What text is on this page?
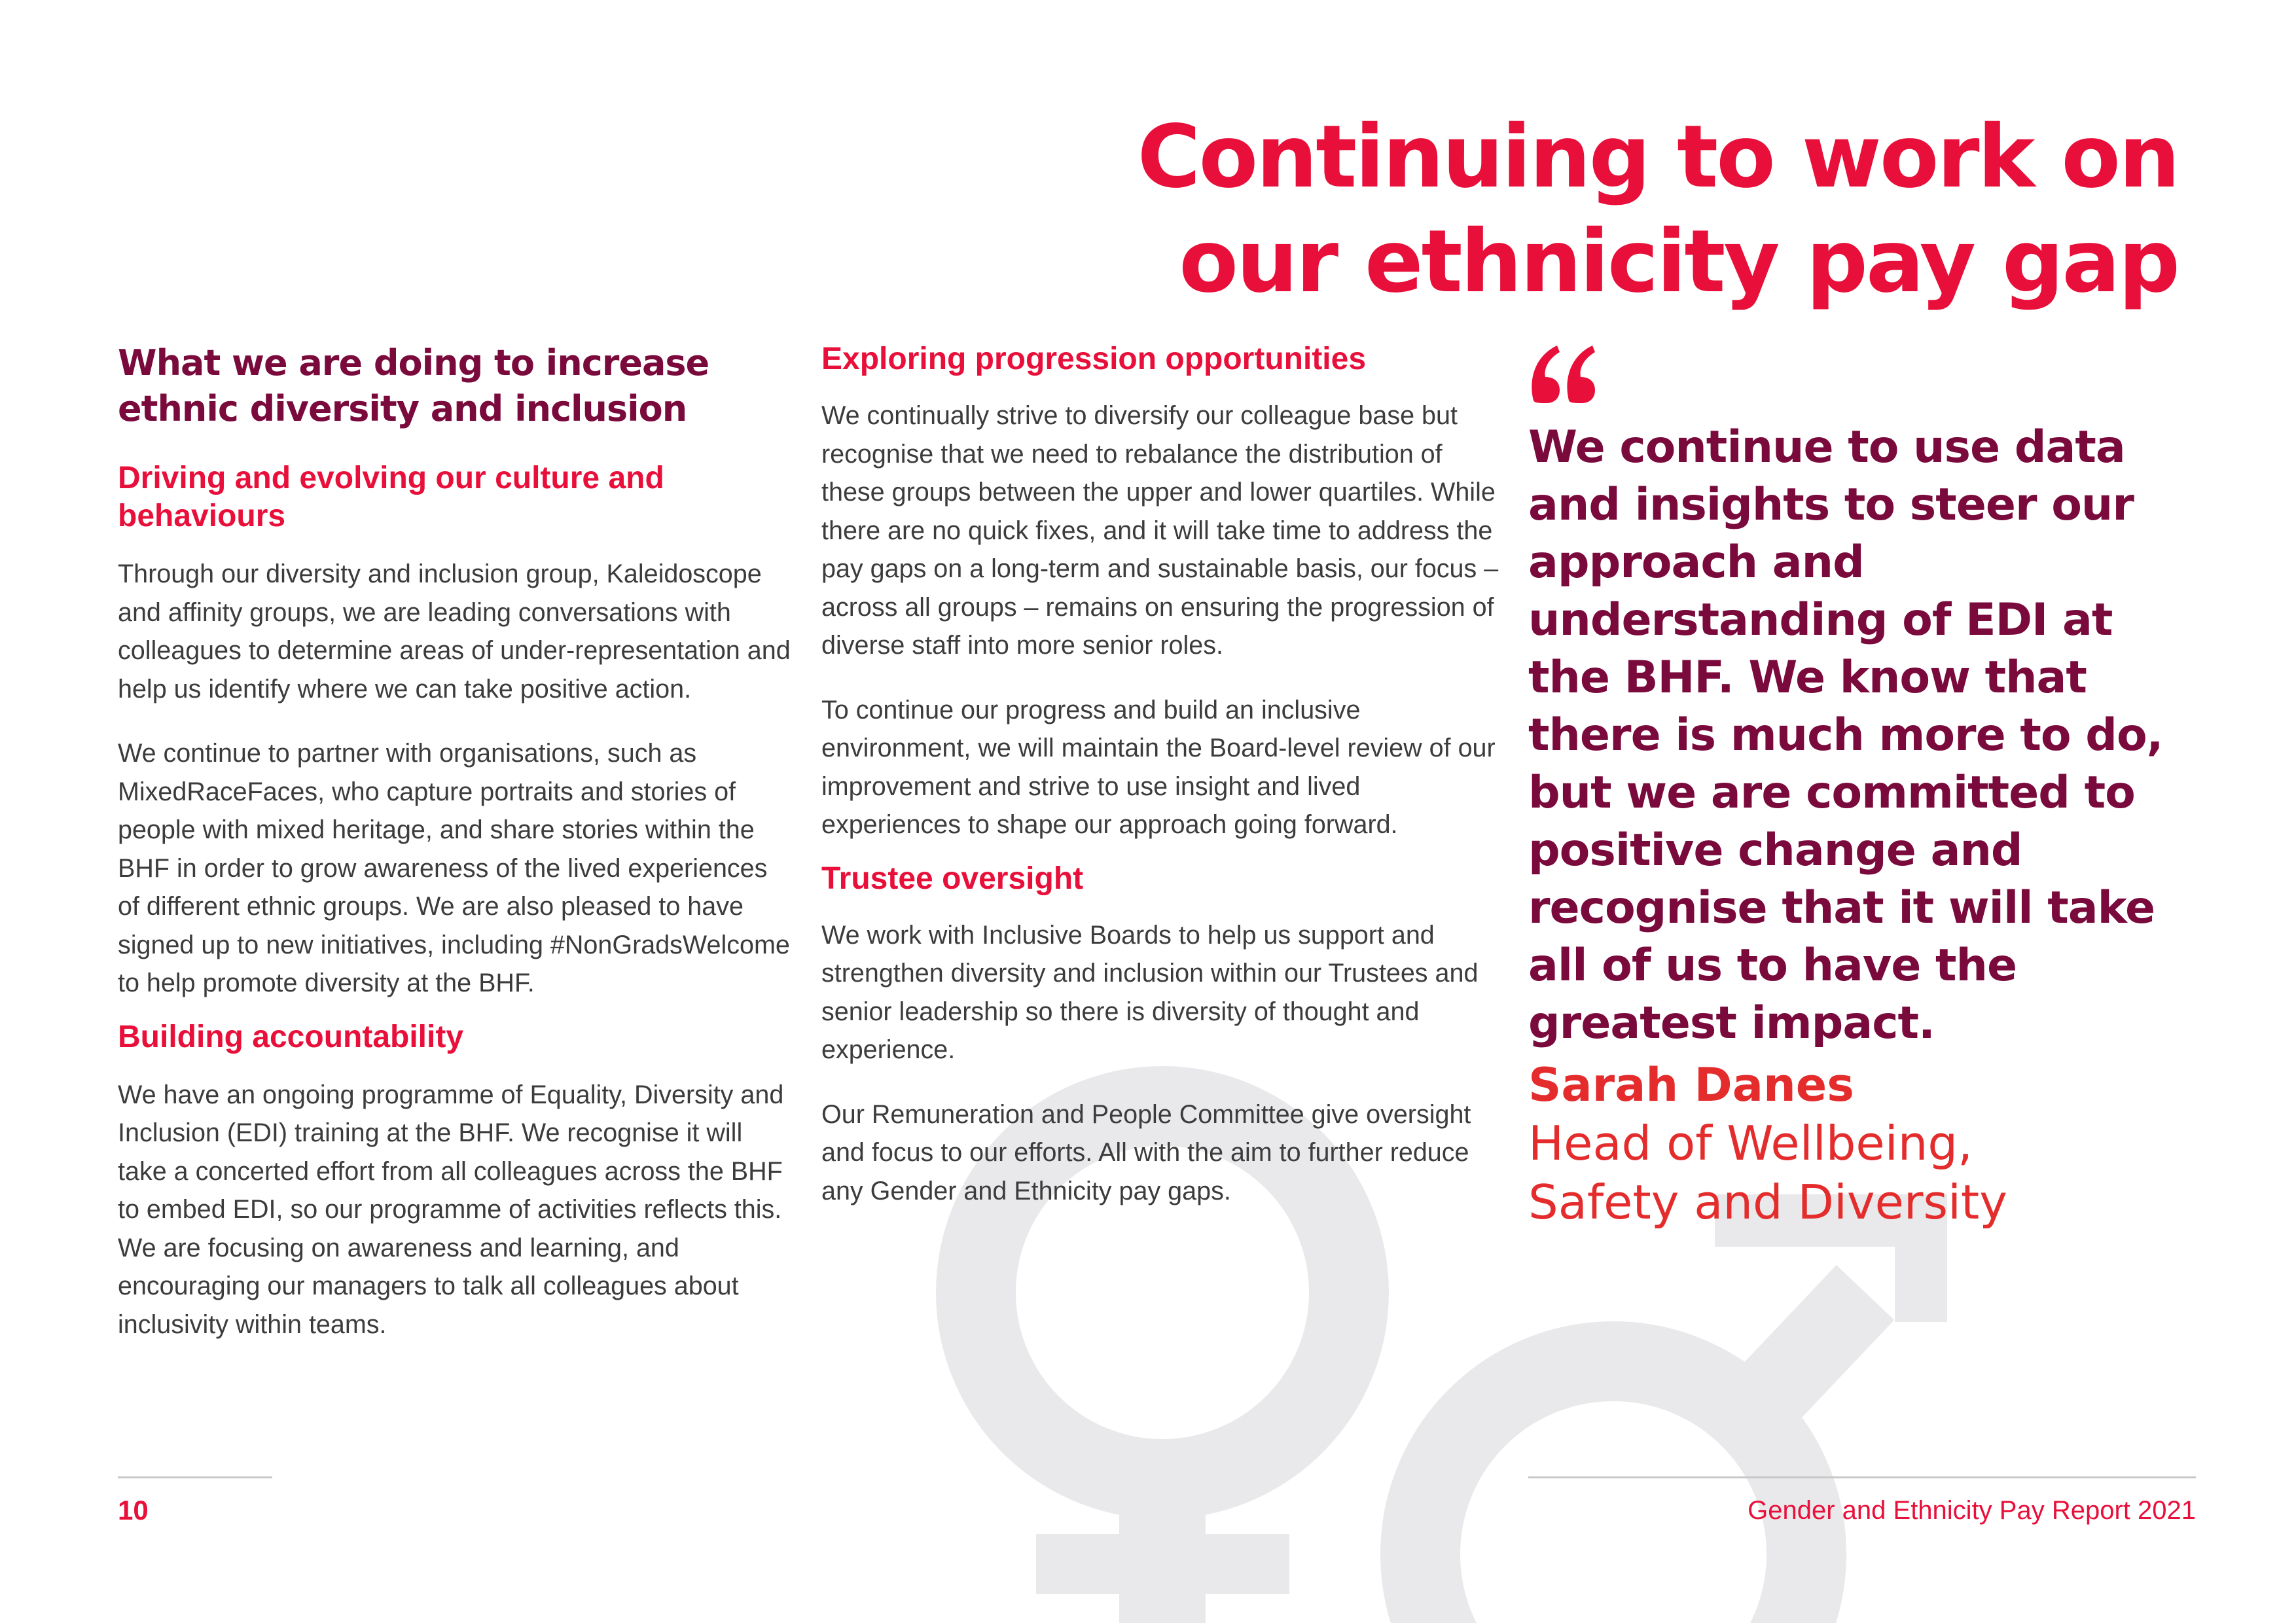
Continuing to work on
our ethnicity pay gap
What we are doing to increase ethnic diversity and inclusion
Driving and evolving our culture and behaviours

Through our diversity and inclusion group, Kaleidoscope and affinity groups, we are leading conversations with colleagues to determine areas of under-representation and help us identify where we can take positive action.

We continue to partner with organisations, such as MixedRaceFaces, who capture portraits and stories of people with mixed heritage, and share stories within the BHF in order to grow awareness of the lived experiences of different ethnic groups. We are also pleased to have signed up to new initiatives, including #NonGradsWelcome to help promote diversity at the BHF.

Building accountability

We have an ongoing programme of Equality, Diversity and Inclusion (EDI) training at the BHF. We recognise it will take a concerted effort from all colleagues across the BHF to embed EDI, so our programme of activities reflects this. We are focusing on awareness and learning, and encouraging our managers to talk all colleagues about inclusivity within teams.

Exploring progression opportunities

We continually strive to diversify our colleague base but recognise that we need to rebalance the distribution of these groups between the upper and lower quartiles. While there are no quick fixes, and it will take time to address the pay gaps on a long-term and sustainable basis, our focus – across all groups – remains on ensuring the progression of diverse staff into more senior roles.

To continue our progress and build an inclusive environment, we will maintain the Board-level review of our improvement and strive to use insight and lived experiences to shape our approach going forward.

Trustee oversight

We work with Inclusive Boards to help us support and strengthen diversity and inclusion within our Trustees and senior leadership so there is diversity of thought and experience.

Our Remuneration and People Committee give oversight and focus to our efforts. All with the aim to further reduce any Gender and Ethnicity pay gaps.

We continue to use data and insights to steer our approach and understanding of EDI at the BHF. We know that there is much more to do, but we are committed to positive change and recognise that it will take all of us to have the greatest impact.

Sarah Danes

Head of Wellbeing,
Safety and Diversity

10	Gender and Ethnicity Pay Report 2021
